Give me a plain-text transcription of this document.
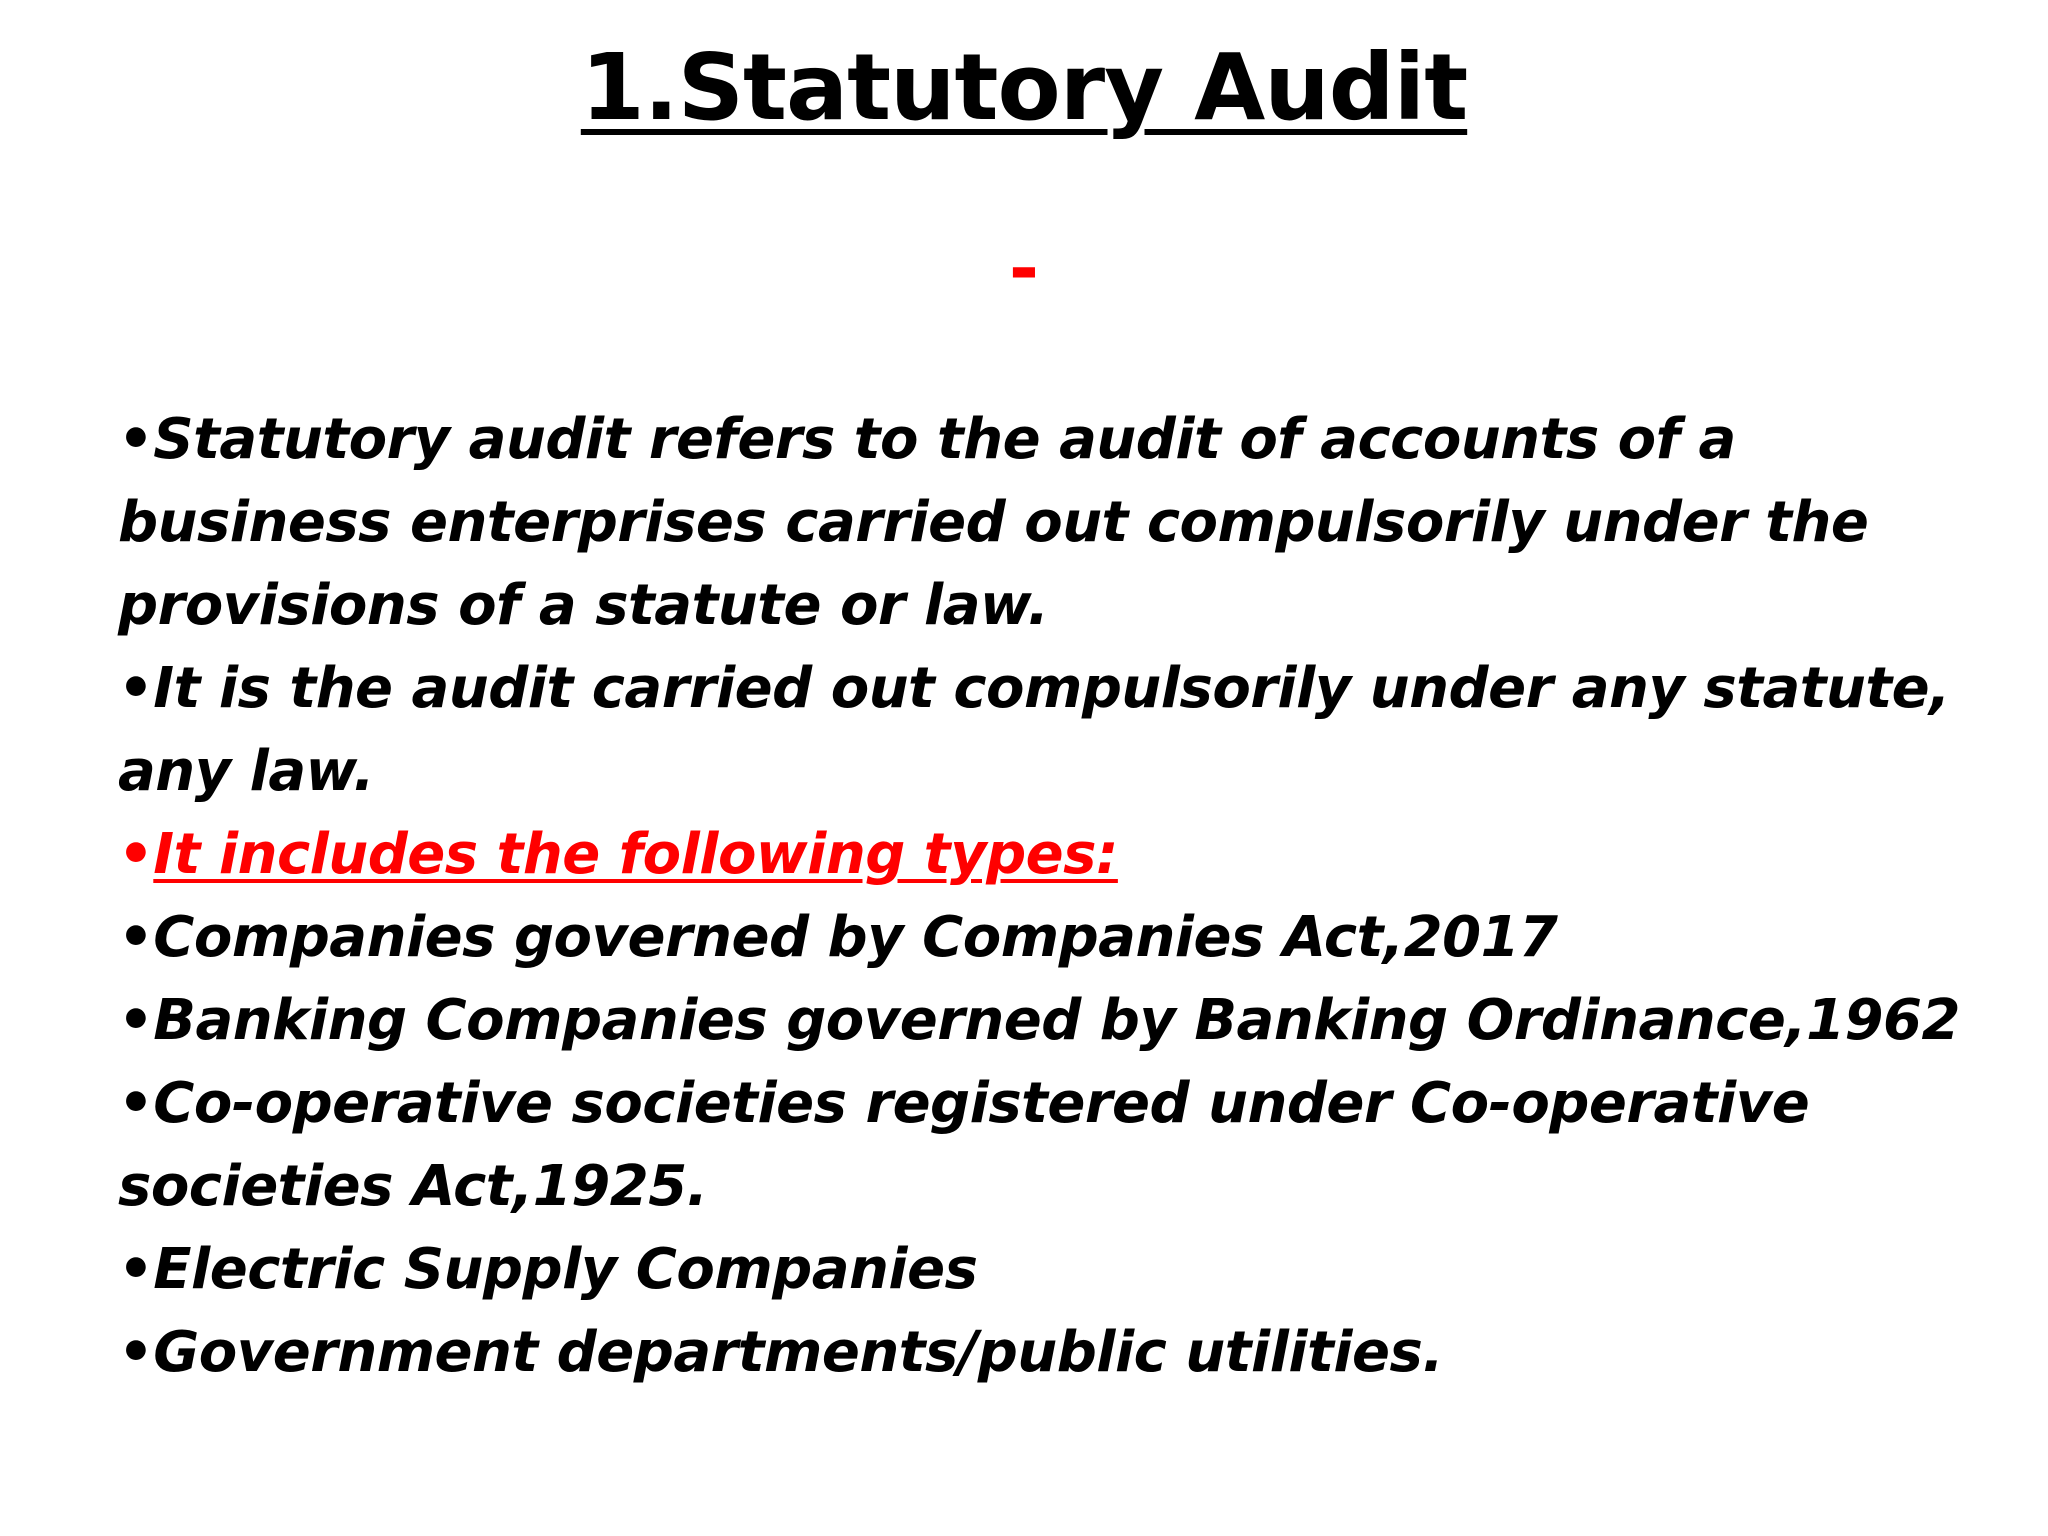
1.Statutory Audit
-

•Statutory audit refers to the audit of accounts of a business enterprises carried out compulsorily under the provisions of a statute or law.

•It is the audit carried out compulsorily under any statute, any law.

•It includes the following types:

•Companies governed by Companies Act,2017

•Banking Companies governed by Banking Ordinance,1962

•Co-operative societies registered under Co-operative societies Act,1925.

•Electric Supply Companies

•Government departments/public utilities.
